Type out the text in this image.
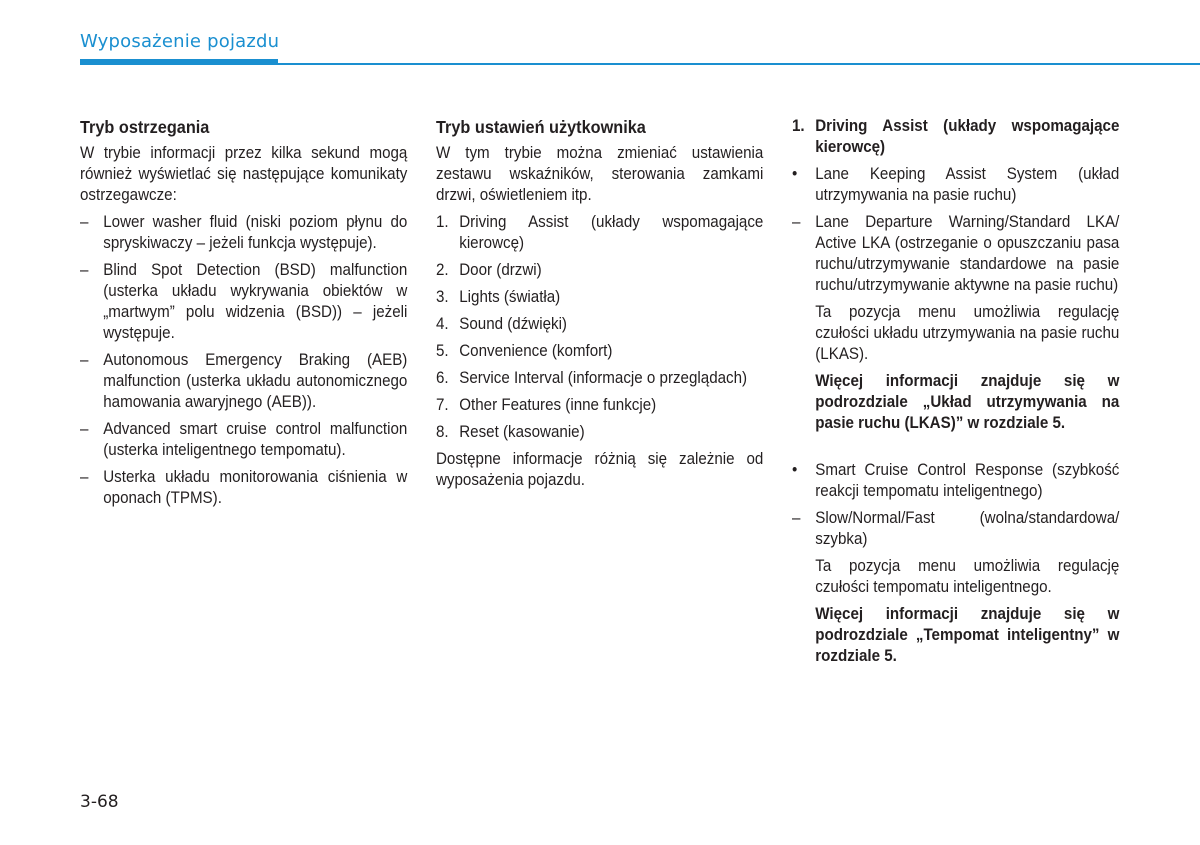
Wyposażenie pojazdu
Tryb ostrzegania

W trybie informacji przez kilka sekund mogą również wyświetlać się następujące komunikaty ostrzegawcze:

– Lower washer fluid (niski poziom płynu do spryskiwaczy – jeżeli funkcja występuje).
– Blind Spot Detection (BSD) malfunction (usterka układu wykrywania obiektów w „martwym” polu widzenia (BSD)) – jeżeli występuje.
– Autonomous Emergency Braking (AEB) malfunction (usterka układu autonomicznego hamowania awaryjnego (AEB)).
– Advanced smart cruise control malfunction (usterka inteligentnego tempomatu).
– Usterka układu monitorowania ciśnienia w oponach (TPMS).
Tryb ustawień użytkownika

W tym trybie można zmieniać ustawienia zestawu wskaźników, sterowania zamkami drzwi, oświetleniem itp.

1. Driving Assist (układy wspomagające kierowcę)
2. Door (drzwi)
3. Lights (światła)
4. Sound (dźwięki)
5. Convenience (komfort)
6. Service Interval (informacje o przeglądach)
7. Other Features (inne funkcje)
8. Reset (kasowanie)

Dostępne informacje różnią się zależnie od wyposażenia pojazdu.

1. Driving Assist (układy wspomagające kierowcę)
•	Lane Keeping Assist System (układ utrzymywania na pasie ruchu)
– Lane Departure Warning/Standard LKA/ Active LKA (ostrzeganie o opuszczaniu pasa ruchu/utrzymywanie standardowe na pasie ruchu/utrzymywanie aktywne na pasie ruchu)

Ta pozycja menu umożliwia regulację czułości układu utrzymywania na pasie ruchu (LKAS).

Więcej informacji znajduje się w podrozdziale „Układ utrzymywania na pasie ruchu (LKAS)” w rozdziale 5.

•	Smart Cruise Control Response (szybkość reakcji tempomatu inteligentnego)
– Slow/Normal/Fast (wolna/standardowa/ szybka)

Ta pozycja menu umożliwia regulację czułości tempomatu inteligentnego.

Więcej informacji znajduje się w podrozdziale „Tempomat inteligentny” w rozdziale 5.

3-68
